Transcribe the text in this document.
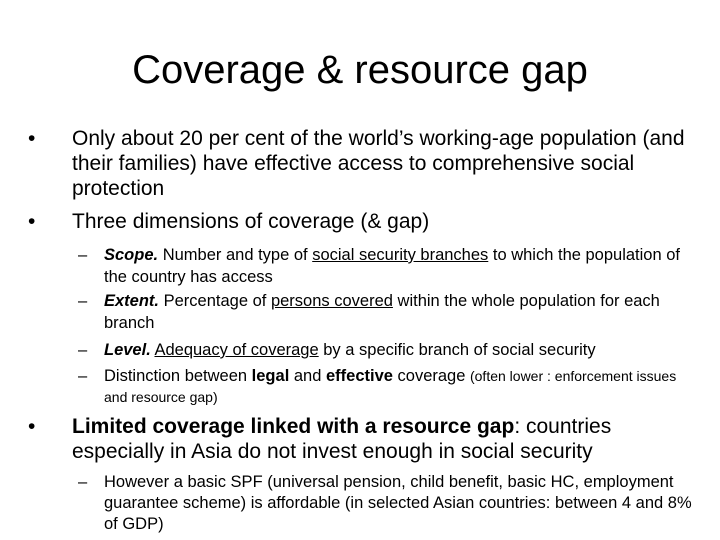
Coverage & resource gap
• Only about 20 per cent of the world’s working-age population (and their families) have effective access to comprehensive social protection
• Three dimensions of coverage (& gap)
– Scope. Number and type of social security branches to which the population of the country has access
– Extent. Percentage of persons covered within the whole population for each branch
– Level. Adequacy of coverage by a specific branch of social security
– Distinction between legal and effective coverage (often lower : enforcement issues and resource gap)
• Limited coverage linked with a resource gap: countries especially in Asia do not invest enough in social security
– However a basic SPF (universal pension, child benefit, basic HC, employment guarantee scheme) is affordable (in selected Asian countries: between 4 and 8% of GDP)
